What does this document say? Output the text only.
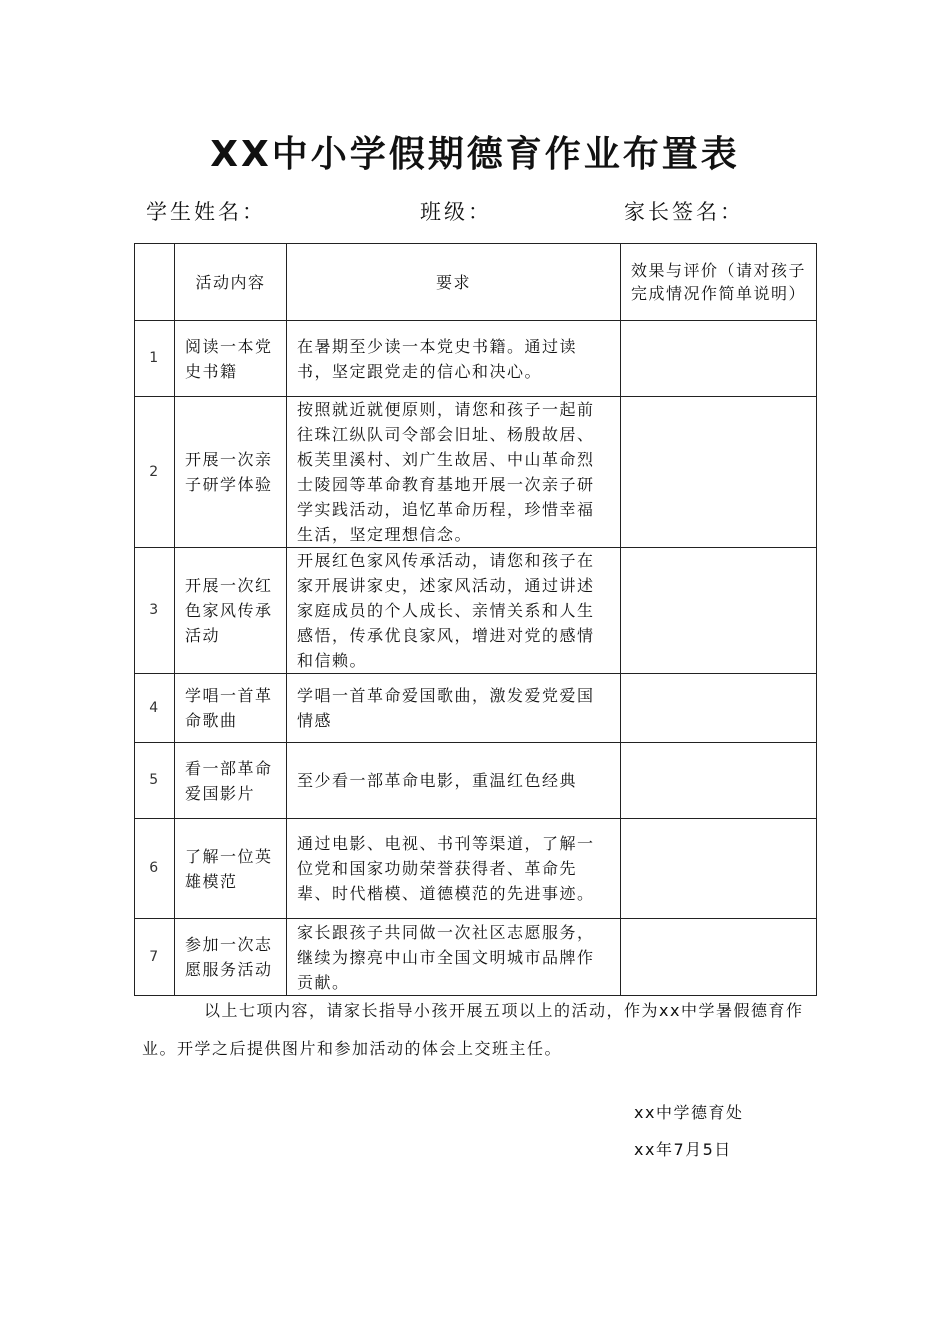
XX中小学假期德育作业布置表
学生姓名：	班级：	家长签名：
	活动内容	要求	效果与评价（请对孩子完成情况作简单说明）
1	阅读一本党史书籍	在暑期至少读一本党史书籍。通过读书，坚定跟党走的信心和决心。	
2	开展一次亲子研学体验	按照就近就便原则，请您和孩子一起前往珠江纵队司令部会旧址、杨殷故居、板芙里溪村、刘广生故居、中山革命烈士陵园等革命教育基地开展一次亲子研学实践活动，追忆革命历程，珍惜幸福生活，坚定理想信念。	
3	开展一次红色家风传承活动	开展红色家风传承活动，请您和孩子在家开展讲家史，述家风活动，通过讲述家庭成员的个人成长、亲情关系和人生感悟，传承优良家风，增进对党的感情和信赖。	
4	学唱一首革命歌曲	学唱一首革命爱国歌曲，激发爱党爱国情感	
5	看一部革命爱国影片	至少看一部革命电影，重温红色经典	
6	了解一位英雄模范	通过电影、电视、书刊等渠道，了解一位党和国家功勋荣誉获得者、革命先辈、时代楷模、道德模范的先进事迹。	
7	参加一次志愿服务活动	家长跟孩子共同做一次社区志愿服务，继续为擦亮中山市全国文明城市品牌作贡献。	
以上七项内容，请家长指导小孩开展五项以上的活动，作为xx中学暑假德育作业。开学之后提供图片和参加活动的体会上交班主任。
xx中学德育处
xx年7月5日
